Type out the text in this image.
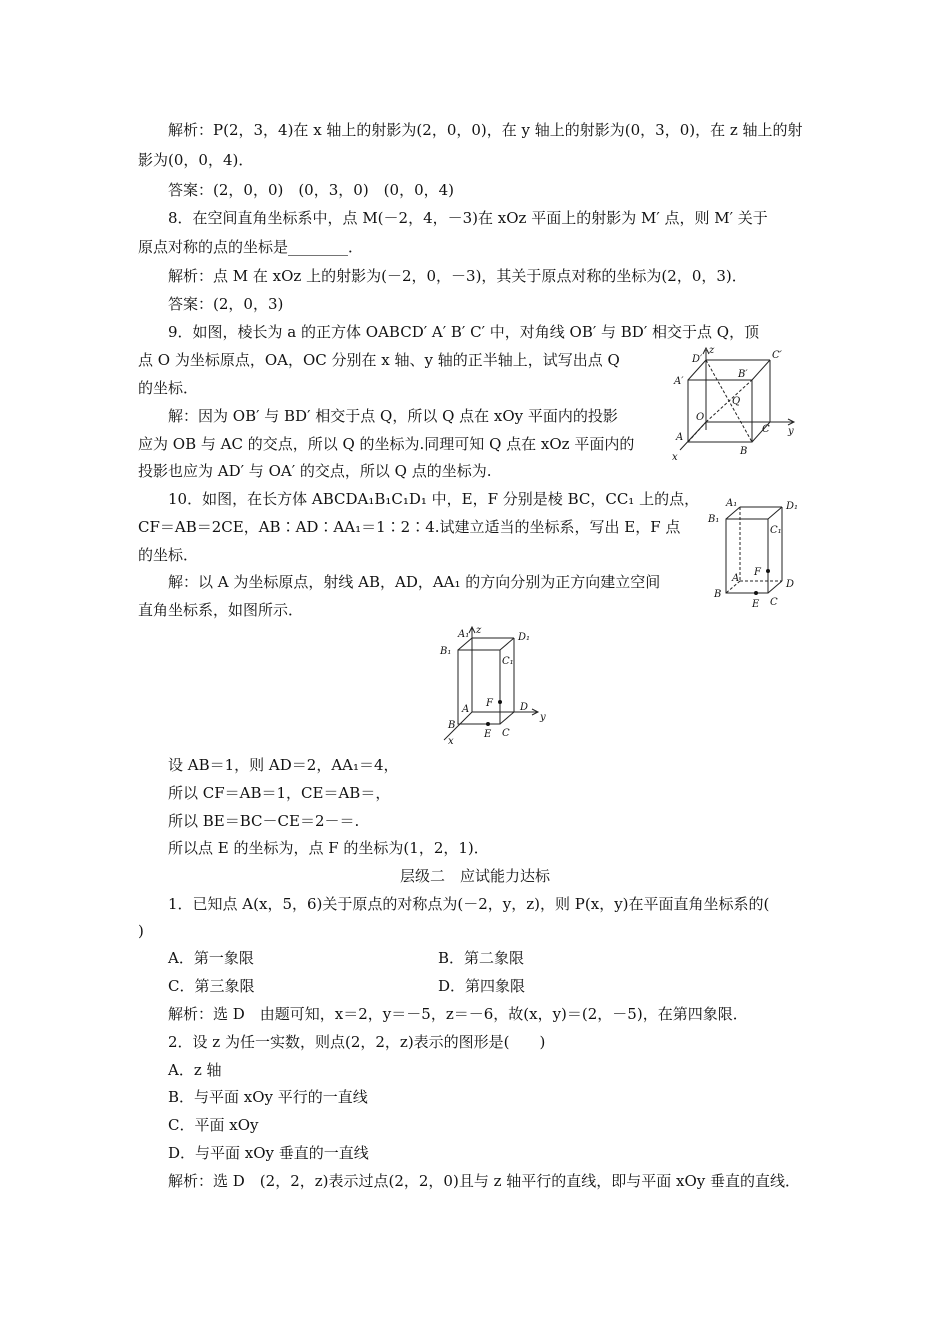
解析：P(2，3，4)在 x 轴上的射影为(2，0，0)，在 y 轴上的射影为(0，3，0)，在 z 轴上的射
影为(0，0，4)．
答案：(2，0，0)　(0，3，0)　(0，0，4)
8．在空间直角坐标系中，点 M(－2，4，－3)在 xOz 平面上的射影为 M′ 点，则 M′ 关于
原点对称的点的坐标是________．
解析：点 M 在 xOz 上的射影为(－2，0，－3)，其关于原点对称的坐标为(2，0，3)．
答案：(2，0，3)
9．如图，棱长为 a 的正方体 OABCD′ A′ B′ C′ 中，对角线 OB′ 与 BD′ 相交于点 Q，顶
点 O 为坐标原点，OA，OC 分别在 x 轴、y 轴的正半轴上，试写出点 Q
的坐标．
解：因为 OB′ 与 BD′ 相交于点 Q，所以 Q 点在 xOy 平面内的投影
应为 OB 与 AC 的交点，所以 Q 的坐标为.同理可知 Q 点在 xOz 平面内的
投影也应为 AD′ 与 OA′ 的交点，所以 Q 点的坐标为.
10．如图，在长方体 ABCDA₁B₁C₁D₁ 中，E，F 分别是棱 BC，CC₁ 上的点，
CF＝AB＝2CE，AB∶AD∶AA₁＝1∶2∶4.试建立适当的坐标系，写出 E，F 点
的坐标．
解：以 A 为坐标原点，射线 AB，AD，AA₁ 的方向分别为正方向建立空间
直角坐标系，如图所示．
设 AB＝1，则 AD＝2，AA₁＝4，
所以 CF＝AB＝1，CE＝AB＝，
所以 BE＝BC－CE＝2－＝.
所以点 E 的坐标为，点 F 的坐标为(1，2，1)．
层级二　应试能力达标
1．已知点 A(x，5，6)关于原点的对称点为(－2，y，z)，则 P(x，y)在平面直角坐标系的(
)
A．第一象限	B．第二象限
C．第三象限	D．第四象限
解析：选 D　由题可知，x＝2，y＝－5，z＝－6，故(x，y)＝(2，－5)，在第四象限．
2．设 z 为任一实数，则点(2，2，z)表示的图形是(　　)
A．z 轴
B．与平面 xOy 平行的一直线
C．平面 xOy
D．与平面 xOy 垂直的一直线
解析：选 D　(2，2，z)表示过点(2，2，0)且与 z 轴平行的直线，即与平面 xOy 垂直的直线．
z
D′	C′
A′
B′
Q
O
A
B
C y
x
A₁	D₁
B₁
C₁
F
A
D
B
E C
A₁ z
D₁
B₁
C₁
F
A	D
B
E C
y
x
